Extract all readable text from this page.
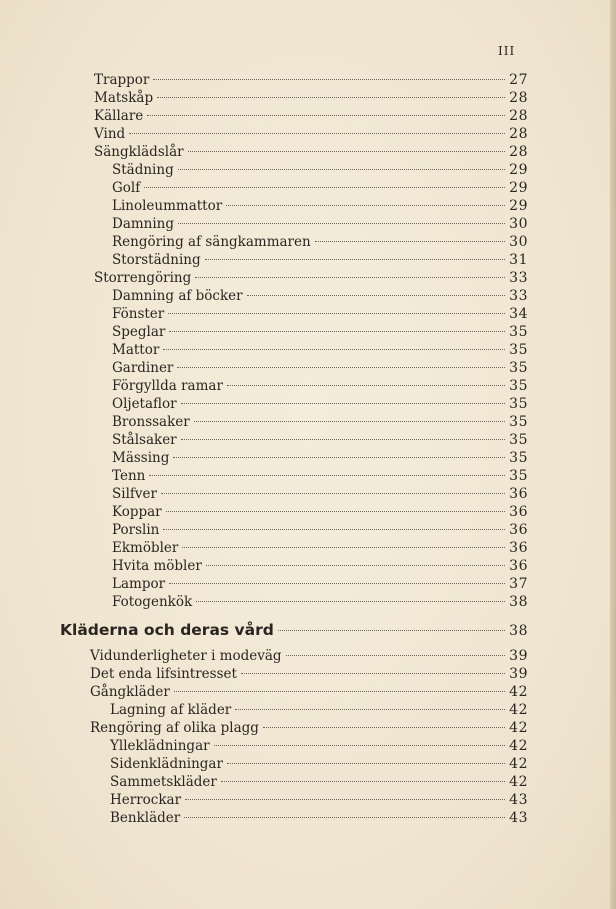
III
Trappor	27
Matskåp	28
Källare	28
Vind	28
Sängklädslår	28
Städning	29
Golf	29
Linoleummattor	29
Damning	30
Rengöring af sängkammaren	30
Storstädning	31
Storrengöring	33
Damning af böcker	33
Fönster	34
Speglar	35
Mattor	35
Gardiner	35
Förgyllda ramar	35
Oljetaflor	35
Bronssaker	35
Stålsaker	35
Mässing	35
Tenn	35
Silfver	36
Koppar	36
Porslin	36
Ekmöbler	36
Hvita möbler	36
Lampor	37
Fotogenkök	38
Kläderna och deras vård	38
Vidunderligheter i modeväg	39
Det enda lifsintresset	39
Gångkläder	42
Lagning af kläder	42
Rengöring af olika plagg	42
Ylleklädningar	42
Sidenklädningar	42
Sammetskläder	42
Herrockar	43
Benkläder	43
